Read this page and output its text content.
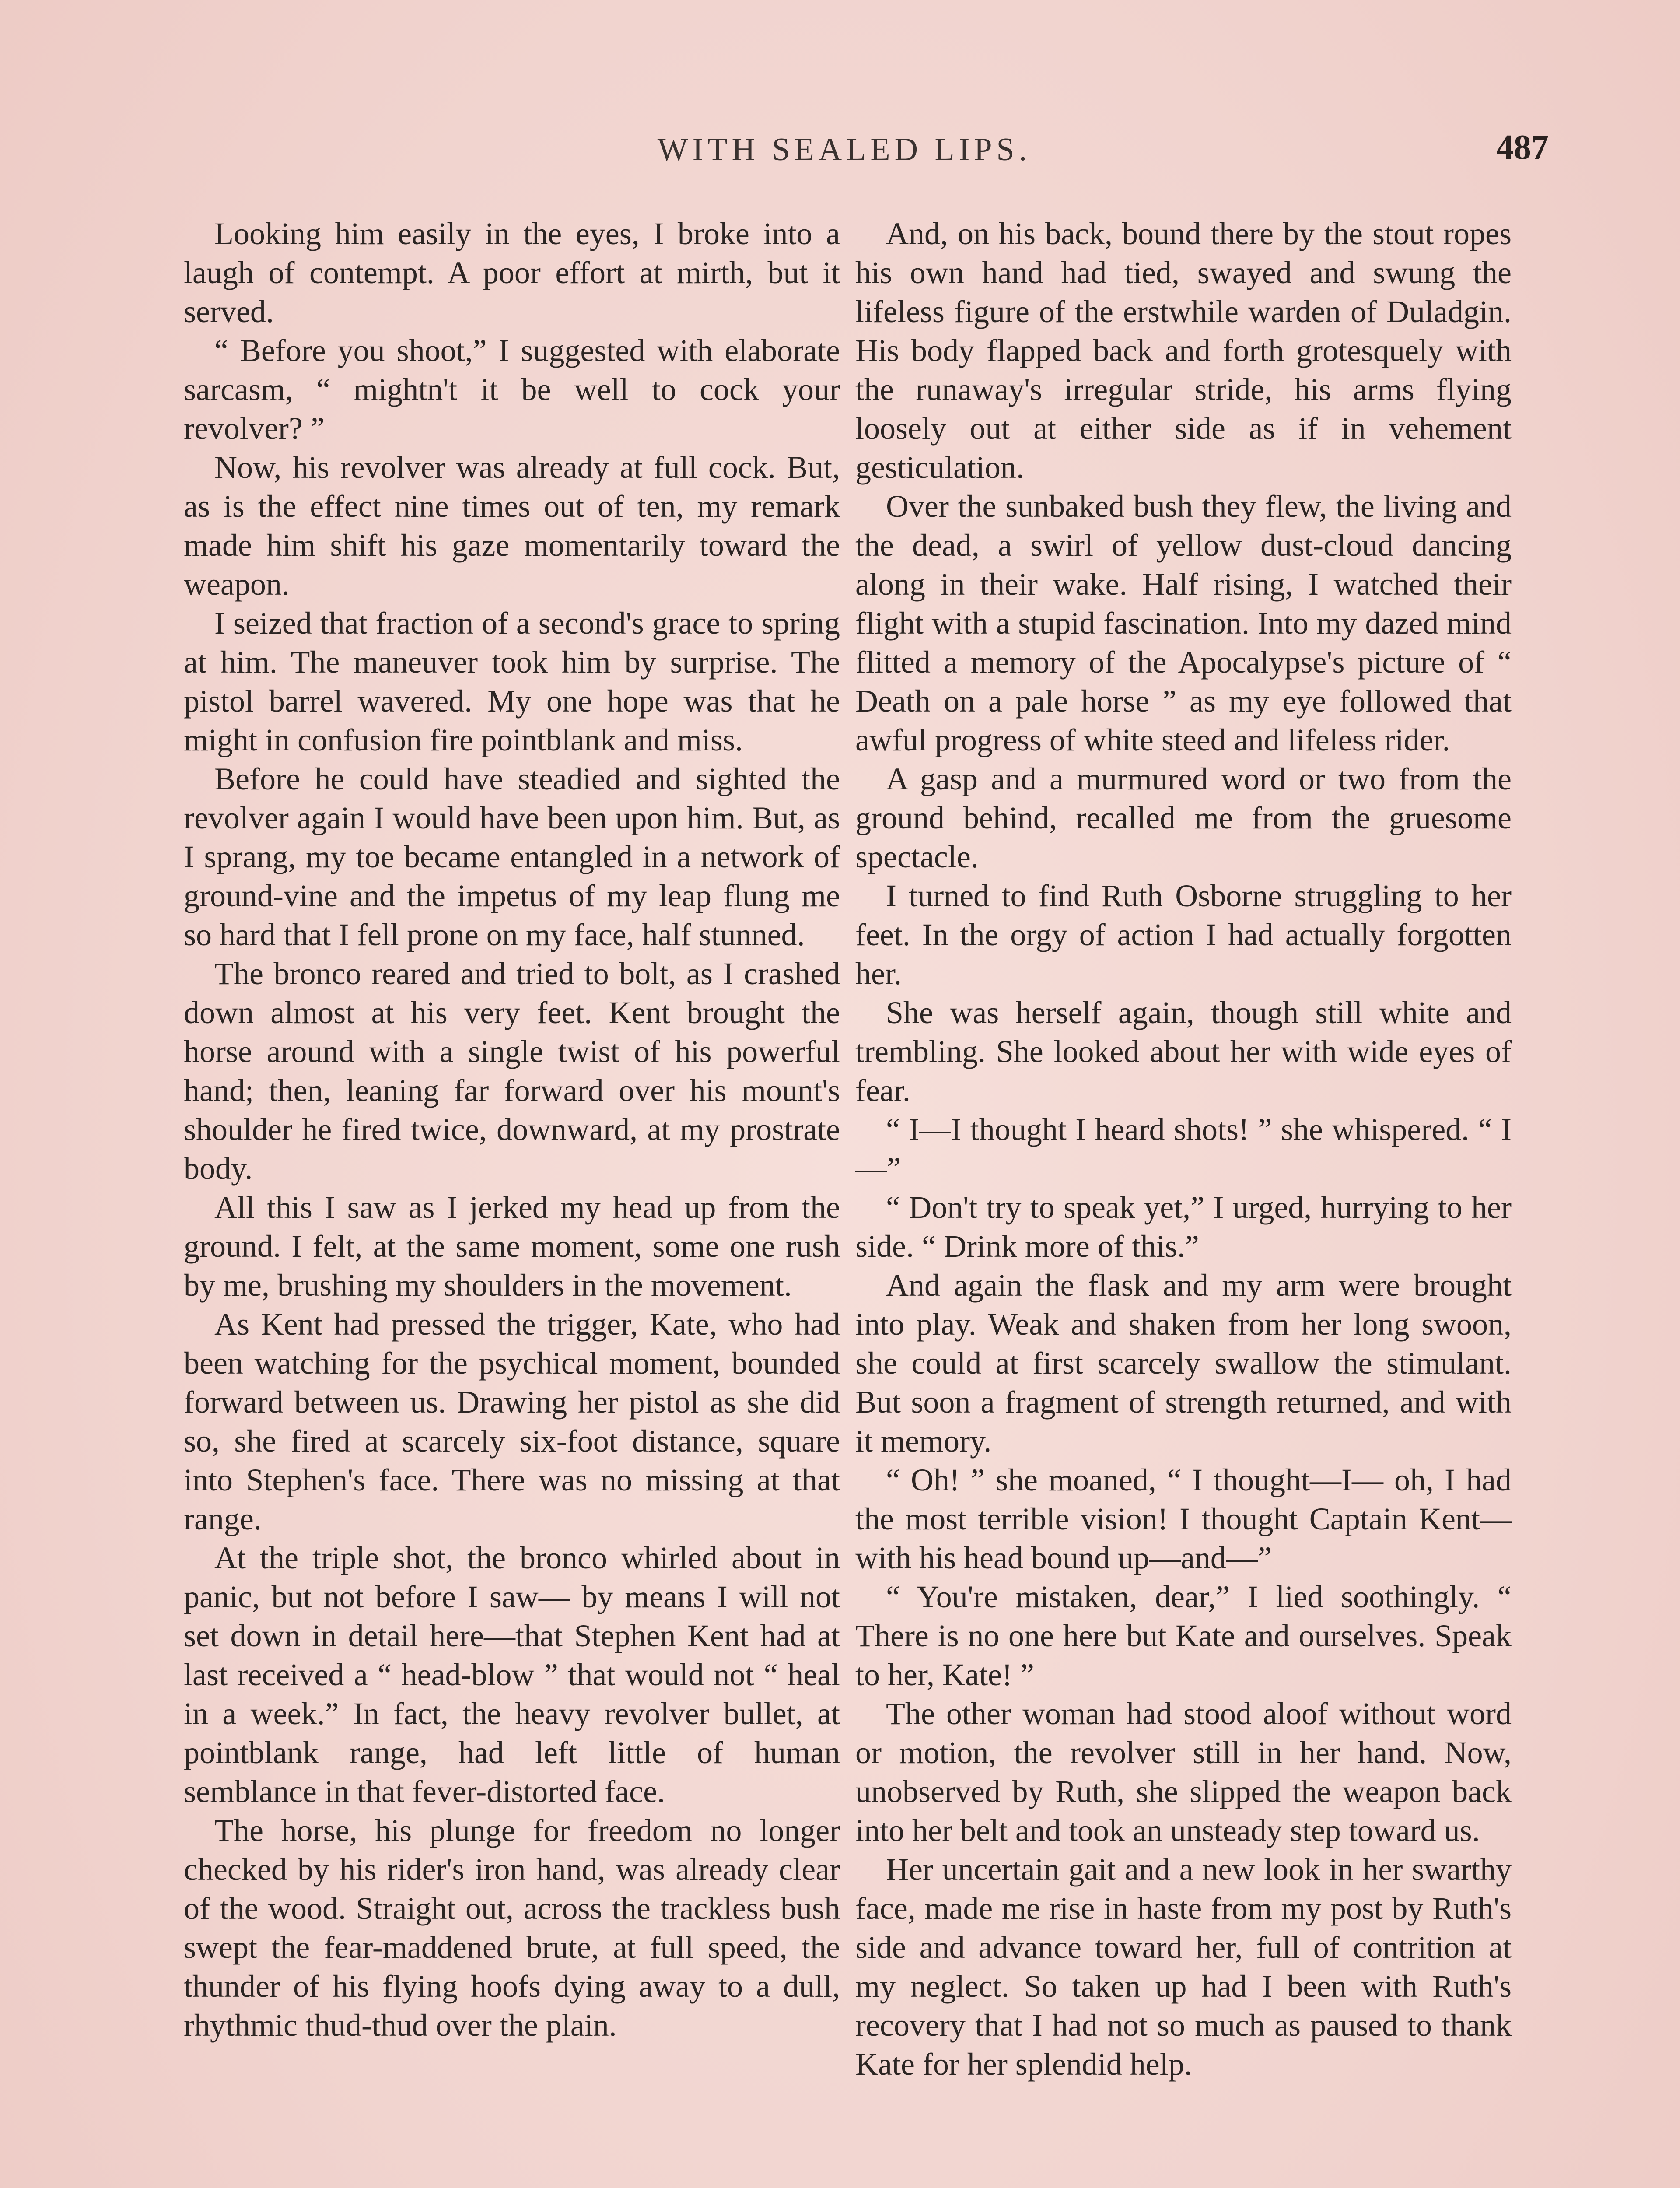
WITH SEALED LIPS.	487

Looking him easily in the eyes, I broke into a laugh of contempt. A poor effort at mirth, but it served.

“ Before you shoot,” I suggested with elaborate sarcasm, “ mightn't it be well to cock your revolver? ”

Now, his revolver was already at full cock. But, as is the effect nine times out of ten, my remark made him shift his gaze momentarily toward the weapon.

I seized that fraction of a second's grace to spring at him. The maneuver took him by surprise. The pistol barrel wavered. My one hope was that he might in confusion fire pointblank and miss.

Before he could have steadied and sighted the revolver again I would have been upon him. But, as I sprang, my toe became entangled in a network of ground-vine and the impetus of my leap flung me so hard that I fell prone on my face, half stunned.

The bronco reared and tried to bolt, as I crashed down almost at his very feet. Kent brought the horse around with a single twist of his powerful hand; then, leaning far forward over his mount's shoulder he fired twice, downward, at my prostrate body.

All this I saw as I jerked my head up from the ground. I felt, at the same moment, some one rush by me, brushing my shoulders in the movement.

As Kent had pressed the trigger, Kate, who had been watching for the psychical moment, bounded forward between us. Drawing her pistol as she did so, she fired at scarcely six-foot distance, square into Stephen's face. There was no missing at that range.

At the triple shot, the bronco whirled about in panic, but not before I saw— by means I will not set down in detail here—that Stephen Kent had at last received a “ head-blow ” that would not “ heal in a week.” In fact, the heavy revolver bullet, at pointblank range, had left little of human semblance in that fever-distorted face.

The horse, his plunge for freedom no longer checked by his rider's iron hand, was already clear of the wood. Straight out, across the trackless bush swept the fear-maddened brute, at full speed, the thunder of his flying hoofs dying away to a dull, rhythmic thud-thud over the plain.

And, on his back, bound there by the stout ropes his own hand had tied, swayed and swung the lifeless figure of the erstwhile warden of Duladgin. His body flapped back and forth grotesquely with the runaway's irregular stride, his arms flying loosely out at either side as if in vehement gesticulation.

Over the sunbaked bush they flew, the living and the dead, a swirl of yellow dust-cloud dancing along in their wake. Half rising, I watched their flight with a stupid fascination. Into my dazed mind flitted a memory of the Apocalypse's picture of “ Death on a pale horse ” as my eye followed that awful progress of white steed and lifeless rider.

A gasp and a murmured word or two from the ground behind, recalled me from the gruesome spectacle.

I turned to find Ruth Osborne struggling to her feet. In the orgy of action I had actually forgotten her.

She was herself again, though still white and trembling. She looked about her with wide eyes of fear.

“ I—I thought I heard shots! ” she whispered. “ I—”

“ Don't try to speak yet,” I urged, hurrying to her side. “ Drink more of this.”

And again the flask and my arm were brought into play. Weak and shaken from her long swoon, she could at first scarcely swallow the stimulant. But soon a fragment of strength returned, and with it memory.

“ Oh! ” she moaned, “ I thought—I— oh, I had the most terrible vision! I thought Captain Kent—with his head bound up—and—”

“ You're mistaken, dear,” I lied soothingly. “ There is no one here but Kate and ourselves. Speak to her, Kate! ”

The other woman had stood aloof without word or motion, the revolver still in her hand. Now, unobserved by Ruth, she slipped the weapon back into her belt and took an unsteady step toward us.

Her uncertain gait and a new look in her swarthy face, made me rise in haste from my post by Ruth's side and advance toward her, full of contrition at my neglect. So taken up had I been with Ruth's recovery that I had not so much as paused to thank Kate for her splendid help.
